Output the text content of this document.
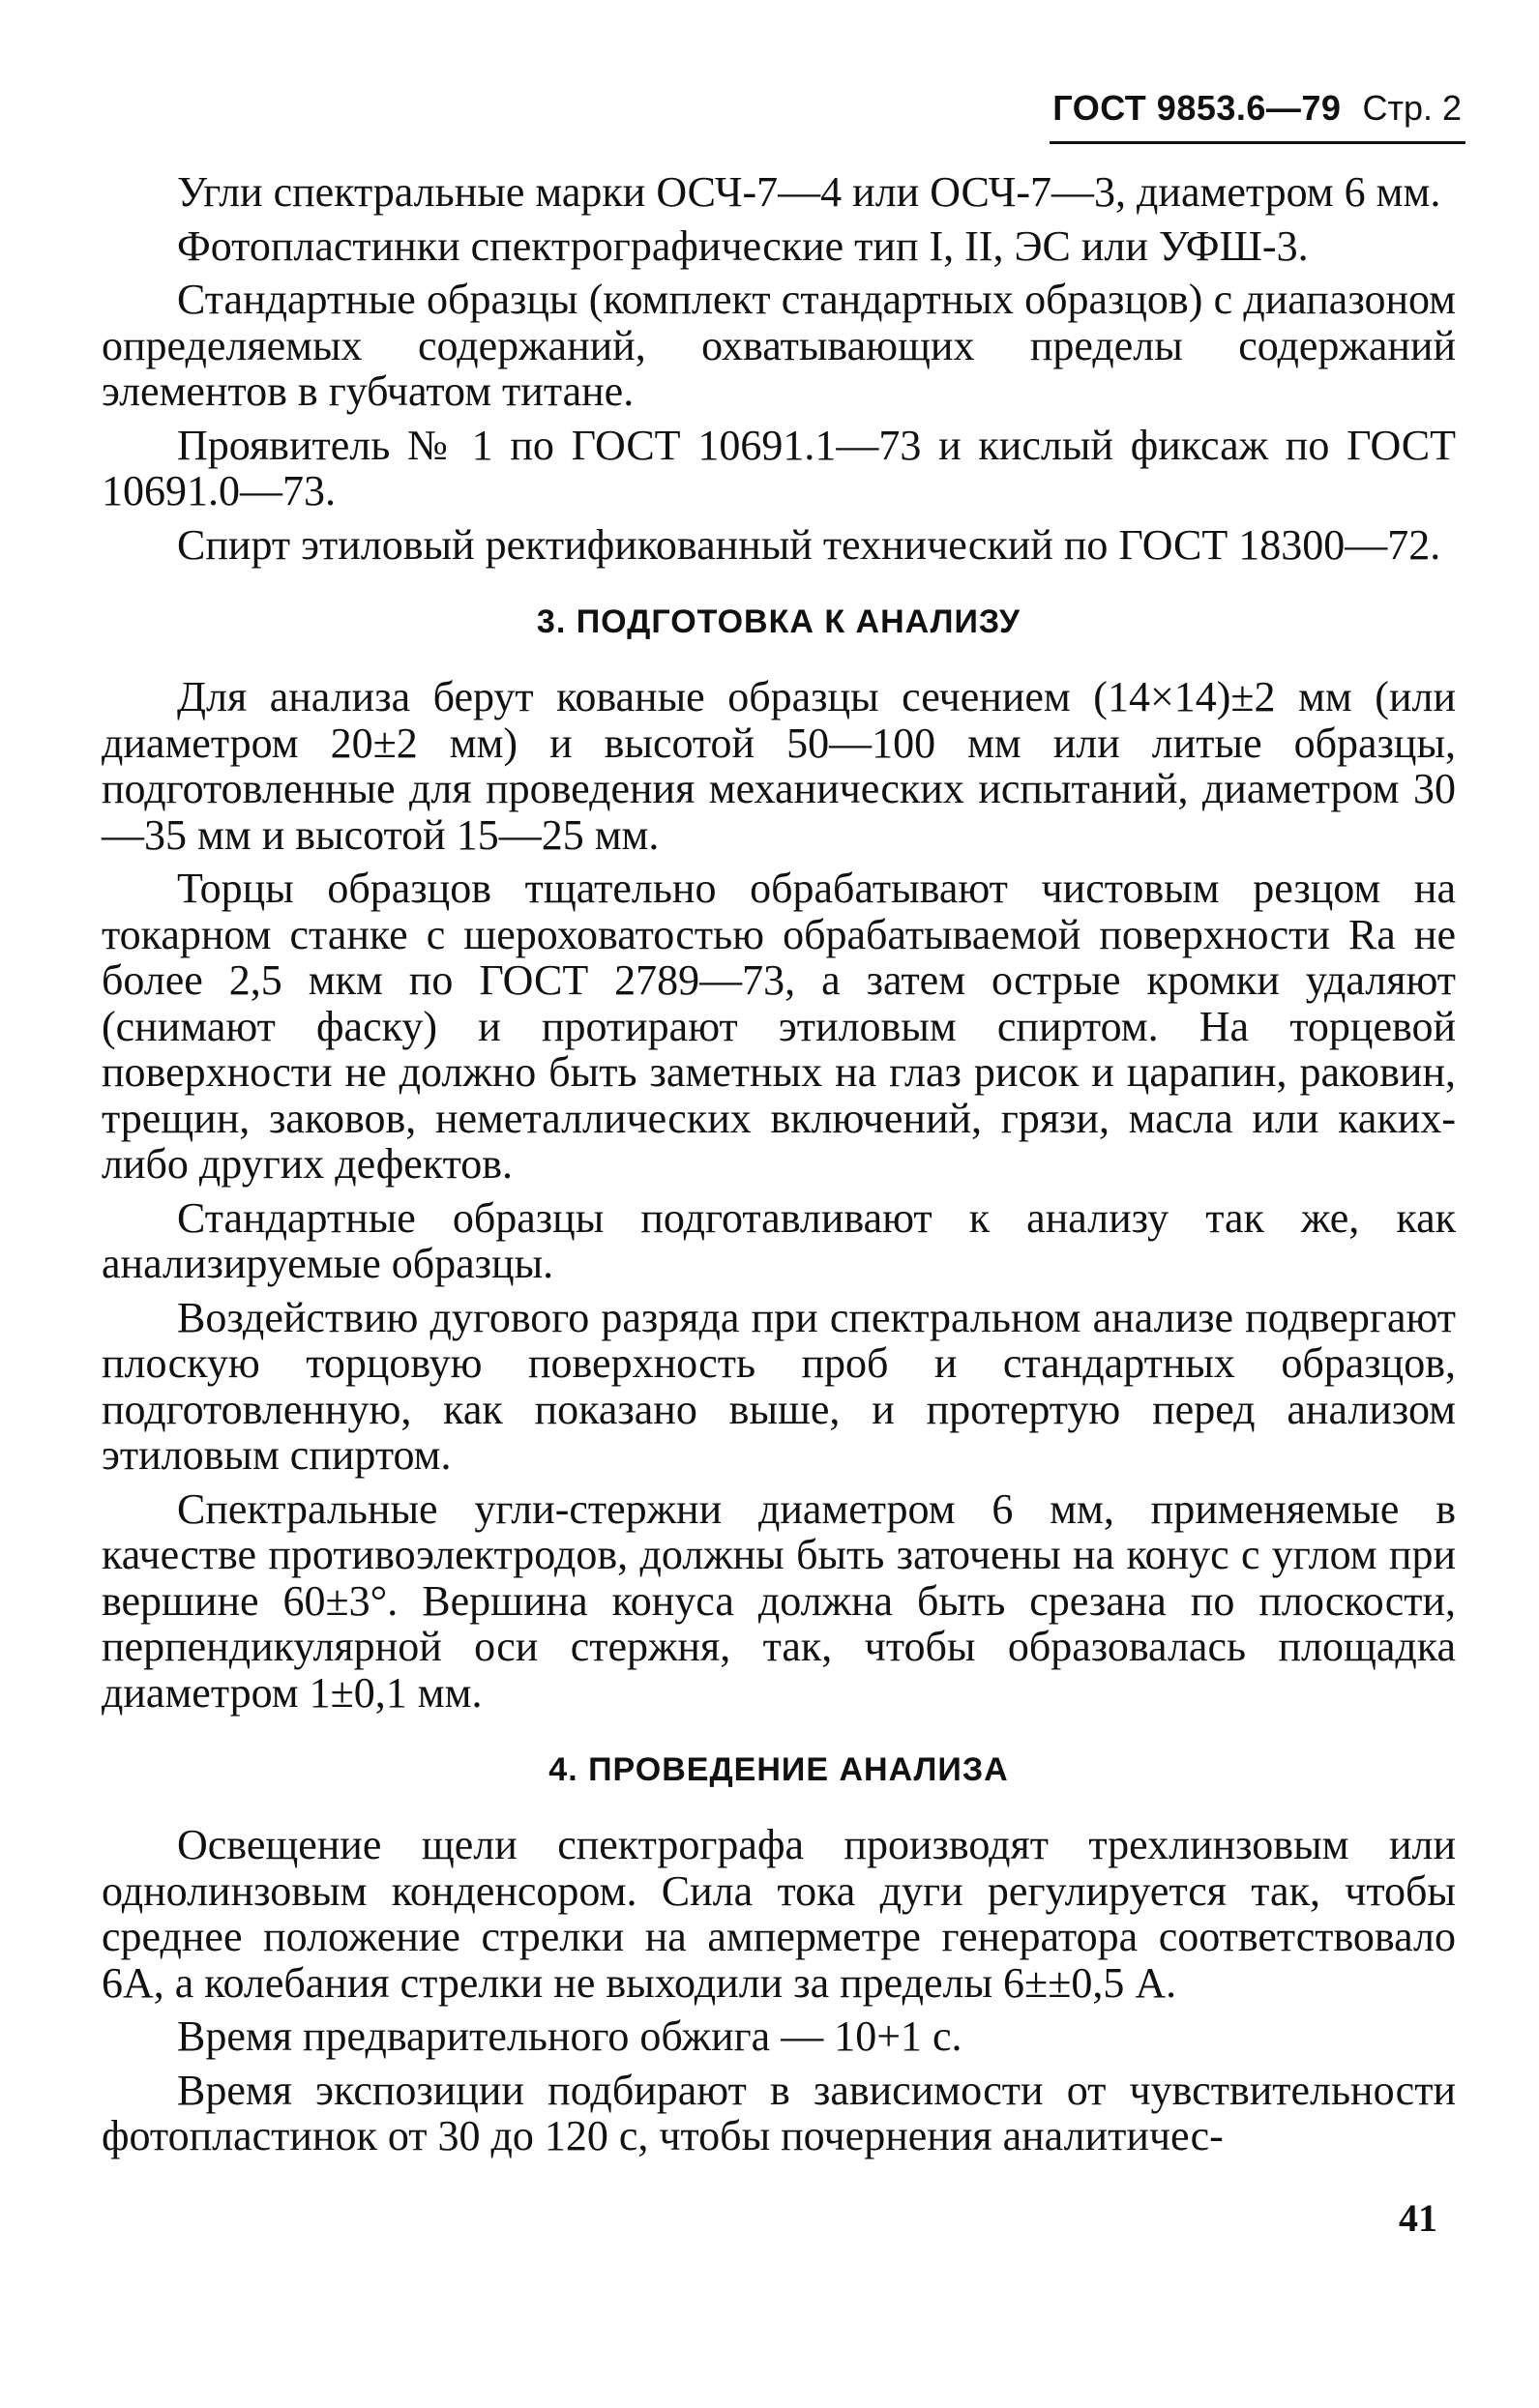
ГОСТ 9853.6—79 Стр. 2

Угли спектральные марки ОСЧ-7—4 или ОСЧ-7—3, диаметром 6 мм.

Фотопластинки спектрографические тип I, II, ЭС или УФШ-3.

Стандартные образцы (комплект стандартных образцов) с диапазоном определяемых содержаний, охватывающих пределы содержаний элементов в губчатом титане.

Проявитель № 1 по ГОСТ 10691.1—73 и кислый фиксаж по ГОСТ 10691.0—73.

Спирт этиловый ректификованный технический по ГОСТ 18300—72.

3. ПОДГОТОВКА К АНАЛИЗУ

Для анализа берут кованые образцы сечением (14×14)±2 мм (или диаметром 20±2 мм) и высотой 50—100 мм или литые образцы, подготовленные для проведения механических испытаний, диаметром 30—35 мм и высотой 15—25 мм.

Торцы образцов тщательно обрабатывают чистовым резцом на токарном станке с шероховатостью обрабатываемой поверхности Ra не более 2,5 мкм по ГОСТ 2789—73, а затем острые кромки удаляют (снимают фаску) и протирают этиловым спиртом. На торцевой поверхности не должно быть заметных на глаз рисок и царапин, раковин, трещин, заковов, неметаллических включений, грязи, масла или каких-либо других дефектов.

Стандартные образцы подготавливают к анализу так же, как анализируемые образцы.

Воздействию дугового разряда при спектральном анализе подвергают плоскую торцовую поверхность проб и стандартных образцов, подготовленную, как показано выше, и протертую перед анализом этиловым спиртом.

Спектральные угли-стержни диаметром 6 мм, применяемые в качестве противоэлектродов, должны быть заточены на конус с углом при вершине 60±3°. Вершина конуса должна быть срезана по плоскости, перпендикулярной оси стержня, так, чтобы образовалась площадка диаметром 1±0,1 мм.

4. ПРОВЕДЕНИЕ АНАЛИЗА

Освещение щели спектрографа производят трехлинзовым или однолинзовым конденсором. Сила тока дуги регулируется так, чтобы среднее положение стрелки на амперметре генератора соответствовало 6А, а колебания стрелки не выходили за пределы 6±±0,5 А.

Время предварительного обжига — 10+1 с.

Время экспозиции подбирают в зависимости от чувствительности фотопластинок от 30 до 120 с, чтобы почернения аналитичес-

41
